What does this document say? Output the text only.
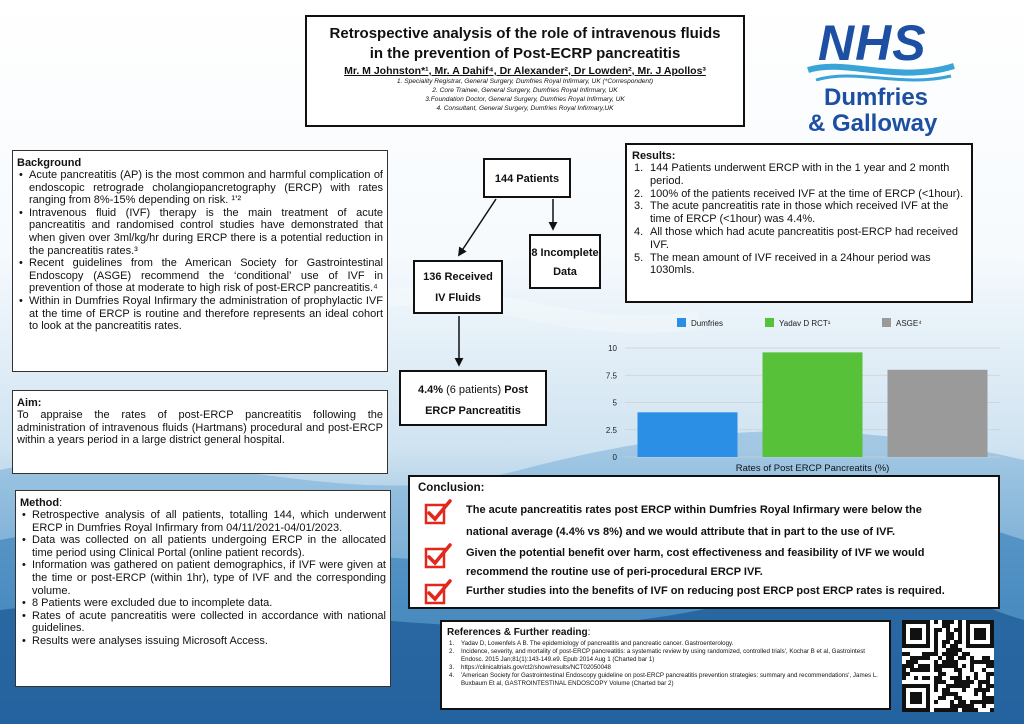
Retrospective analysis of the role of intravenous fluids
in the prevention of Post-ECRP pancreatitis
Mr. M Johnston*¹, Mr. A Dahif⁴, Dr Alexander², Dr Lowden², Mr. J Apollos³
1. Speciality Registrar, General Surgery, Dumfries Royal Infirmary, UK (*Correspondent)
2. Core Trainee, General Surgery, Dumfries Royal Infirmary, UK
3.Foundation Doctor, General Surgery, Dumfries Royal Infirmary, UK
4. Consultant, General Surgery, Dumfries Royal Infirmary,UK
NHS
Dumfries
& Galloway
Background
• Acute pancreatitis (AP) is the most common and harmful complication of endoscopic retrograde cholangiopancretography (ERCP) with rates ranging from 8%-15% depending on risk. ¹’²
• Intravenous fluid (IVF) therapy is the main treatment of acute pancreatitis and randomised control studies have demonstrated that when given over 3ml/kg/hr during ERCP there is a potential reduction in the pancreatitis rates.³
• Recent guidelines from the American Society for Gastrointestinal Endoscopy (ASGE) recommend the ‘conditional’ use of IVF in prevention of those at moderate to high risk of post-ERCP pancreatitis.⁴
• Within in Dumfries Royal Infirmary the administration of prophylactic IVF at the time of ERCP is routine and therefore represents an ideal cohort to look at the pancreatitis rates.
Aim:
To appraise the rates of post-ERCP pancreatitis following the administration of intravenous fluids (Hartmans) procedural and post-ERCP within a years period in a large district general hospital.
Method:
• Retrospective analysis of all patients, totalling 144, which underwent ERCP in Dumfries Royal Infirmary from 04/11/2021-04/01/2023.
• Data was collected on all patients undergoing ERCP in the allocated time period using Clinical Portal (online patient records).
• Information was gathered on patient demographics, if IVF were given at the time or post-ERCP (within 1hr), type of IVF and the corresponding volume.
• 8 Patients were excluded due to incomplete data.
• Rates of acute pancreatitis were collected in accordance with national guidelines.
• Results were analyses issuing Microsoft Access.
144 Patients
8 Incomplete
Data
136 Received
IV Fluids
4.4% (6 patients) Post
ERCP Pancreatitis
Results:
1. 144 Patients underwent ERCP with in the 1 year and 2 month period.
2. 100% of the patients received IVF at the time of ERCP (<1hour).
3. The acute pancreatitis rate in those which received IVF at the time of ERCP (<1hour) was 4.4%.
4. All those which had acute pancreatitis post-ERCP had received IVF.
5. The mean amount of IVF received in a 24hour period was 1030mls.
Dumfries	Yadav D RCT¹	ASGE⁴
0
2.5
5
7.5
10
Rates of Post ERCP Pancreatits (%)
Conclusion:
The acute pancreatitis rates post ERCP within Dumfries Royal Infirmary were below the
national average (4.4% vs 8%) and we would attribute that in part to the use of IVF.
Given the potential benefit over harm, cost effectiveness and feasibility of IVF we would
recommend the routine use of peri-procedural ERCP IVF.
Further studies into the benefits of IVF on reducing post ERCP post ERCP rates is required.
References & Further reading:
1. Yadav D, Lowenfels A B. The epidemiology of pancreatitis and pancreatic cancer. Gastroenterology.
2. Incidence, severity, and mortality of post-ERCP pancreatitis: a systematic review by using randomized, controlled trials', Kochar B et al, Gastrointest Endosc. 2015 Jan;81(1):143-149.e9. Epub 2014 Aug 1 (Charted bar 1)
3. https://clinicaltrials.gov/ct2/show/results/NCT02050048
4. 'American Society for Gastrointestinal Endoscopy guideline on post-ERCP pancreatitis prevention strategies: summary and recommendations', James L. Buxbaum Et al, GASTROINTESTINAL ENDOSCOPY Volume (Charted bar 2)
